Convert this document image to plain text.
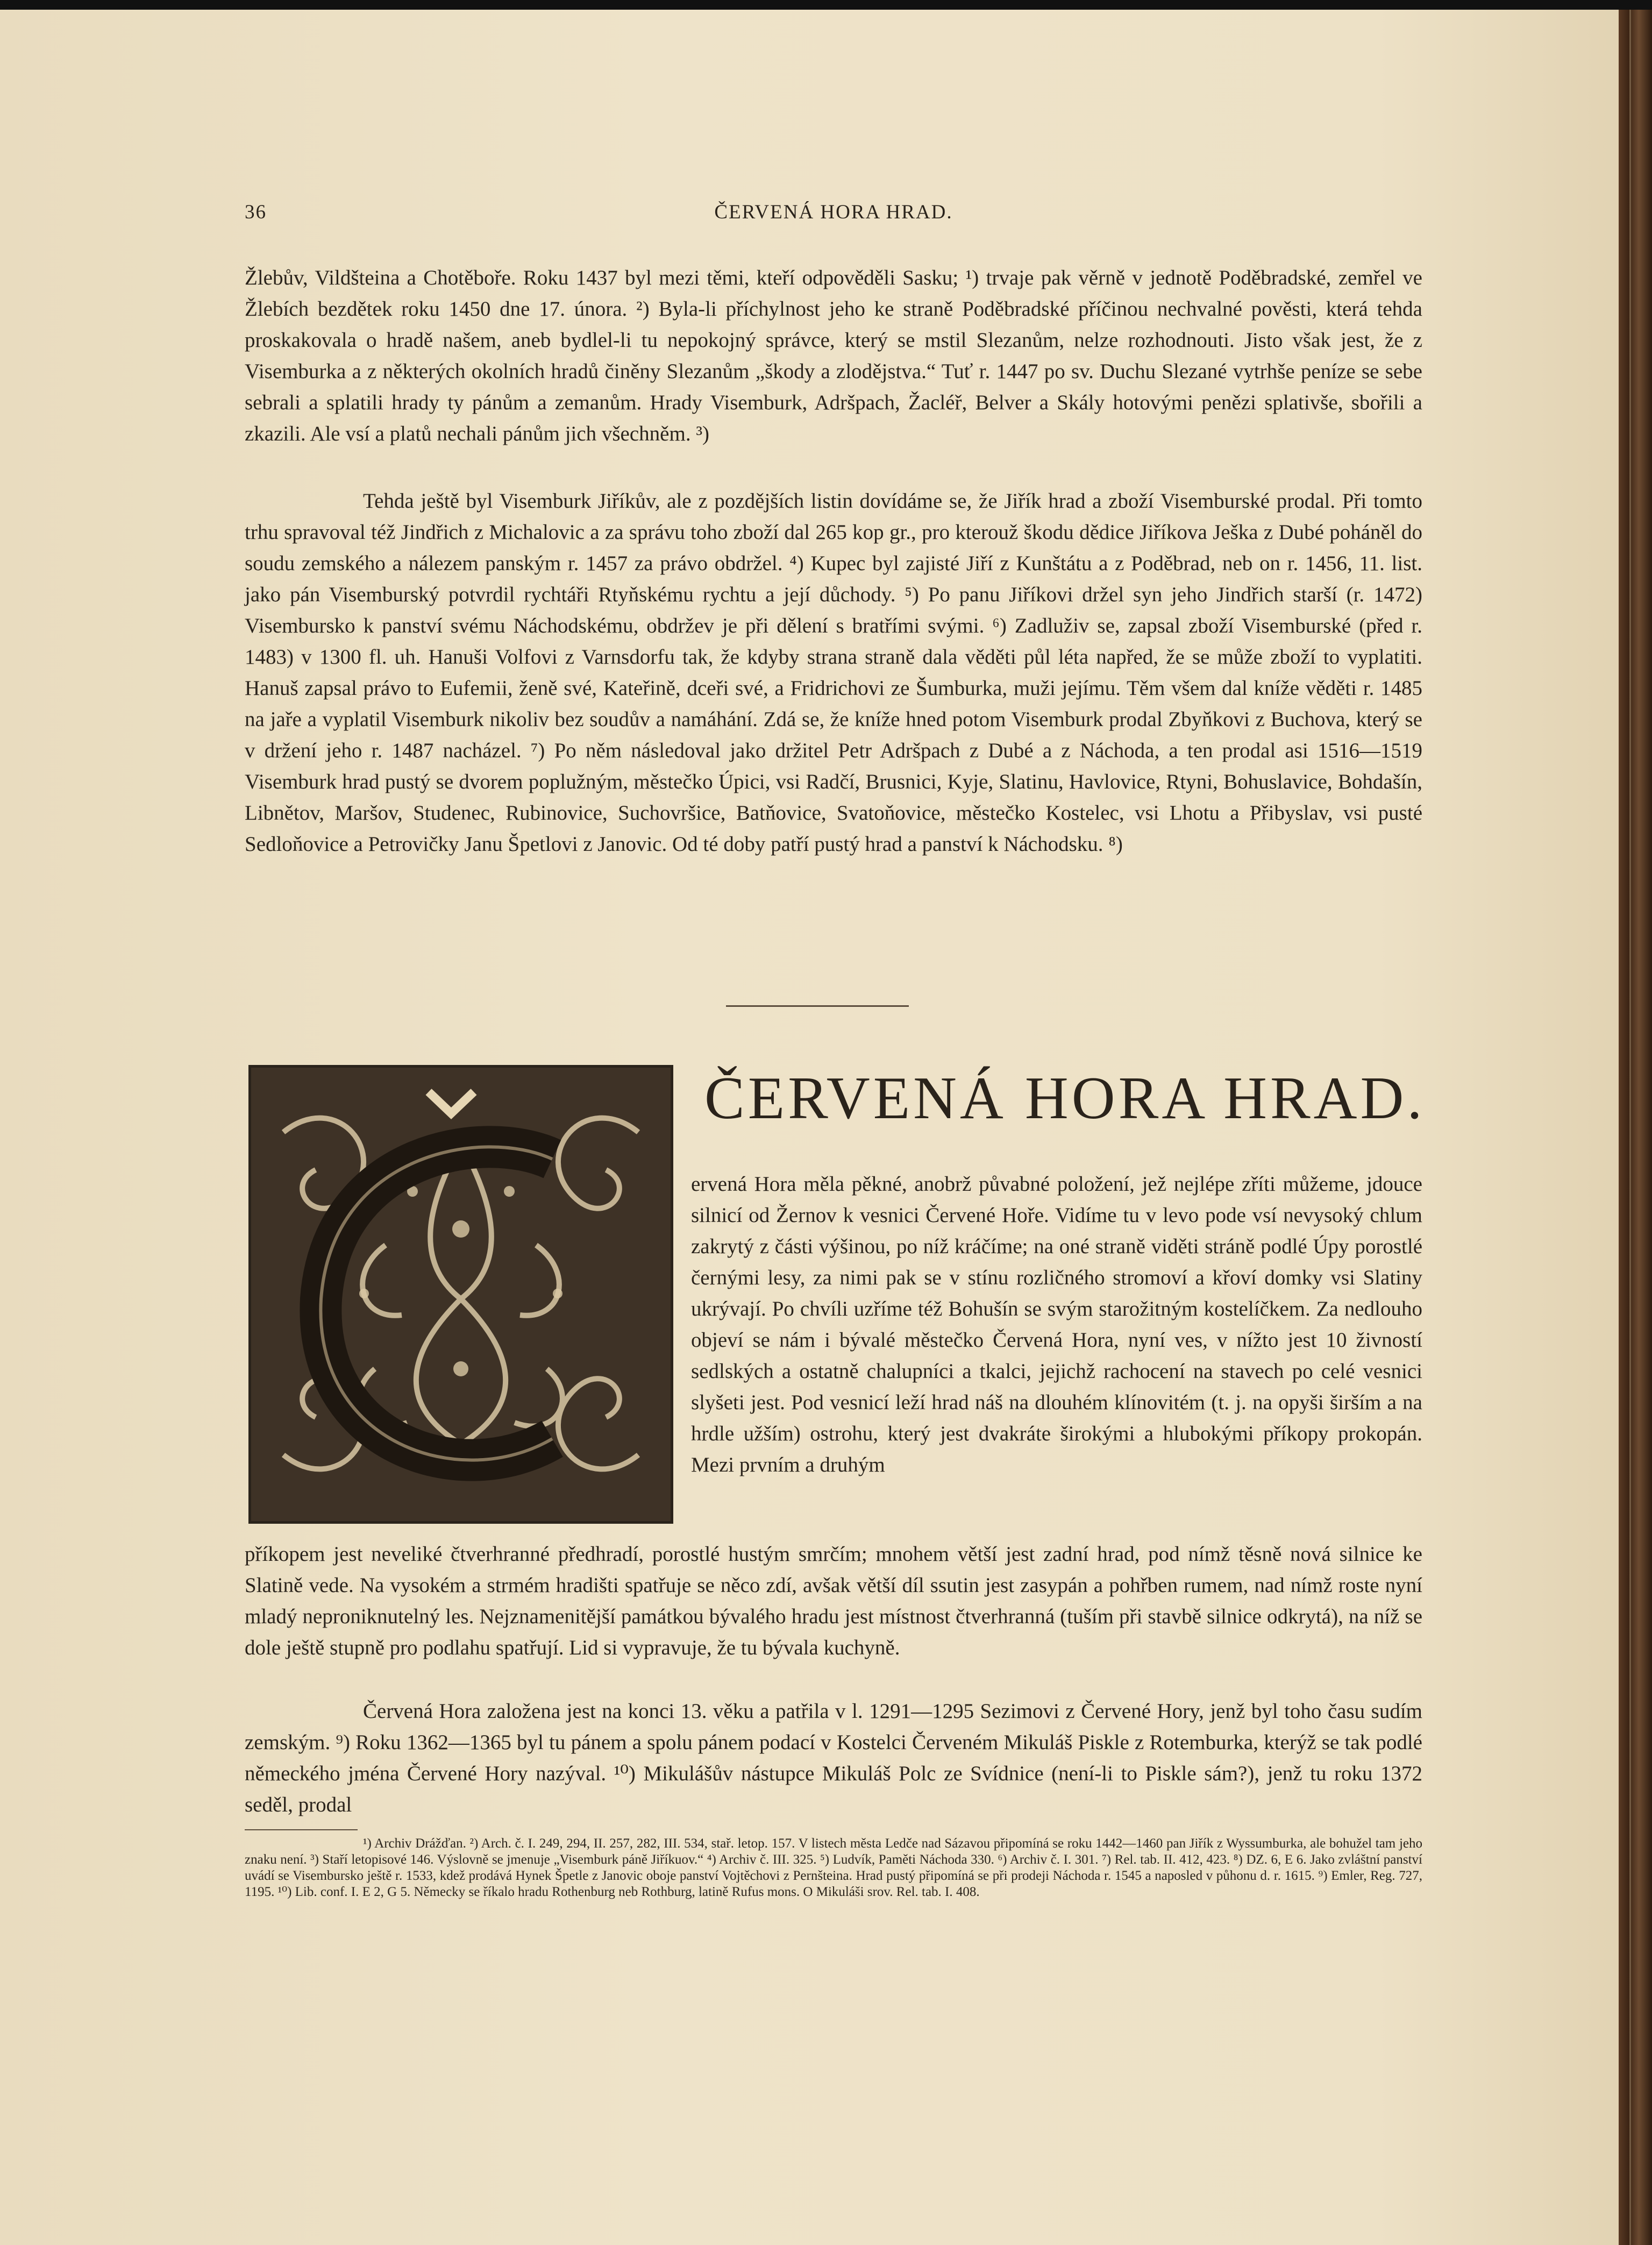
36	ČERVENÁ HORA HRAD.

Žlebův, Vildšteina a Chotěboře. Roku 1437 byl mezi těmi, kteří odpověděli Sasku; ¹) trvaje pak věrně v jednotě Poděbradské, zemřel ve Žlebích bezdětek roku 1450 dne 17. února. ²) Byla-li příchylnost jeho ke straně Poděbradské příčinou nechvalné pověsti, která tehda proskakovala o hradě našem, aneb bydlel-li tu nepokojný správce, který se mstil Slezanům, nelze rozhodnouti. Jisto však jest, že z Visemburka a z některých okolních hradů činěny Slezanům „škody a zlodějstva.“ Tuť r. 1447 po sv. Duchu Slezané vytrhše peníze se sebe sebrali a splatili hrady ty pánům a zemanům. Hrady Visemburk, Adršpach, Žacléř, Belver a Skály hotovými penězi splativše, sbořili a zkazili. Ale vsí a platů nechali pánům jich všechněm. ³)

Tehda ještě byl Visemburk Jiříkův, ale z pozdějších listin dovídáme se, že Jiřík hrad a zboží Visemburské prodal. Při tomto trhu spravoval též Jindřich z Michalovic a za správu toho zboží dal 265 kop gr., pro kterouž škodu dědice Jiříkova Ješka z Dubé poháněl do soudu zemského a nálezem panským r. 1457 za právo obdržel. ⁴) Kupec byl zajisté Jiří z Kunštátu a z Poděbrad, neb on r. 1456, 11. list. jako pán Visemburský potvrdil rychtáři Rtyňskému rychtu a její důchody. ⁵) Po panu Jiříkovi držel syn jeho Jindřich starší (r. 1472) Visembursko k panství svému Náchodskému, obdržev je při dělení s bratřími svými. ⁶) Zadluživ se, zapsal zboží Visemburské (před r. 1483) v 1300 fl. uh. Hanuši Volfovi z Varnsdorfu tak, že kdyby strana straně dala věděti půl léta napřed, že se může zboží to vyplatiti. Hanuš zapsal právo to Eufemii, ženě své, Kateřině, dceři své, a Fridrichovi ze Šumburka, muži jejímu. Těm všem dal kníže věděti r. 1485 na jaře a vyplatil Visemburk nikoliv bez soudův a namáhání. Zdá se, že kníže hned potom Visemburk prodal Zbyňkovi z Buchova, který se v držení jeho r. 1487 nacházel. ⁷) Po něm následoval jako držitel Petr Adršpach z Dubé a z Náchoda, a ten prodal asi 1516—1519 Visemburk hrad pustý se dvorem poplužným, městečko Úpici, vsi Radčí, Brusnici, Kyje, Slatinu, Havlovice, Rtyni, Bohuslavice, Bohdašín, Libnětov, Maršov, Studenec, Rubinovice, Suchovršice, Batňovice, Svatoňovice, městečko Kostelec, vsi Lhotu a Přibyslav, vsi pusté Sedloňovice a Petrovičky Janu Špetlovi z Janovic. Od té doby patří pustý hrad a panství k Náchodsku. ⁸)

ČERVENÁ HORA HRAD.

ervená Hora měla pěkné, anobrž půvabné položení, jež nejlépe zříti můžeme, jdouce silnicí od Žernov k vesnici Červené Hoře. Vidíme tu v levo pode vsí nevysoký chlum zakrytý z části výšinou, po níž kráčíme; na oné straně viděti stráně podlé Úpy porostlé černými lesy, za nimi pak se v stínu rozličného stromoví a křoví domky vsi Slatiny ukrývají. Po chvíli uzříme též Bohušín se svým starožitným kostelíčkem. Za nedlouho objeví se nám i bývalé městečko Červená Hora, nyní ves, v nížto jest 10 živností sedlských a ostatně chalupníci a tkalci, jejichž rachocení na stavech po celé vesnici slyšeti jest. Pod vesnicí leží hrad náš na dlouhém klínovitém (t. j. na opyši širším a na hrdle užším) ostrohu, který jest dvakráte širokými a hlubokými příkopy prokopán. Mezi prvním a druhým

příkopem jest neveliké čtverhranné předhradí, porostlé hustým smrčím; mnohem větší jest zadní hrad, pod nímž těsně nová silnice ke Slatině vede. Na vysokém a strmém hradišti spatřuje se něco zdí, avšak větší díl ssutin jest zasypán a pohřben rumem, nad nímž roste nyní mladý neproniknutelný les. Nejznamenitější památkou bývalého hradu jest místnost čtverhranná (tuším při stavbě silnice odkrytá), na níž se dole ještě stupně pro podlahu spatřují. Lid si vypravuje, že tu bývala kuchyně.

Červená Hora založena jest na konci 13. věku a patřila v l. 1291—1295 Sezimovi z Červené Hory, jenž byl toho času sudím zemským. ⁹) Roku 1362—1365 byl tu pánem a spolu pánem podací v Kostelci Červeném Mikuláš Piskle z Rotemburka, kterýž se tak podlé německého jména Červené Hory nazýval. ¹⁰) Mikulášův nástupce Mikuláš Polc ze Svídnice (není-li to Piskle sám?), jenž tu roku 1372 seděl, prodal

¹) Archiv Drážďan. ²) Arch. č. I. 249, 294, II. 257, 282, III. 534, stař. letop. 157. V listech města Ledče nad Sázavou připomíná se roku 1442—1460 pan Jiřík z Wyssumburka, ale bohužel tam jeho znaku není. ³) Staří letopisové 146. Výslovně se jmenuje „Visemburk páně Jiříkuov.“ ⁴) Archiv č. III. 325. ⁵) Ludvík, Paměti Náchoda 330. ⁶) Archiv č. I. 301. ⁷) Rel. tab. II. 412, 423. ⁸) DZ. 6, E 6. Jako zvláštní panství uvádí se Visembursko ještě r. 1533, kdež prodává Hynek Špetle z Janovic oboje panství Vojtěchovi z Pernšteina. Hrad pustý připomíná se při prodeji Náchoda r. 1545 a naposled v půhonu d. r. 1615. ⁹) Emler, Reg. 727, 1195. ¹⁰) Lib. conf. I. E 2, G 5. Německy se říkalo hradu Rothenburg neb Rothburg, latině Rufus mons. O Mikuláši srov. Rel. tab. I. 408.
